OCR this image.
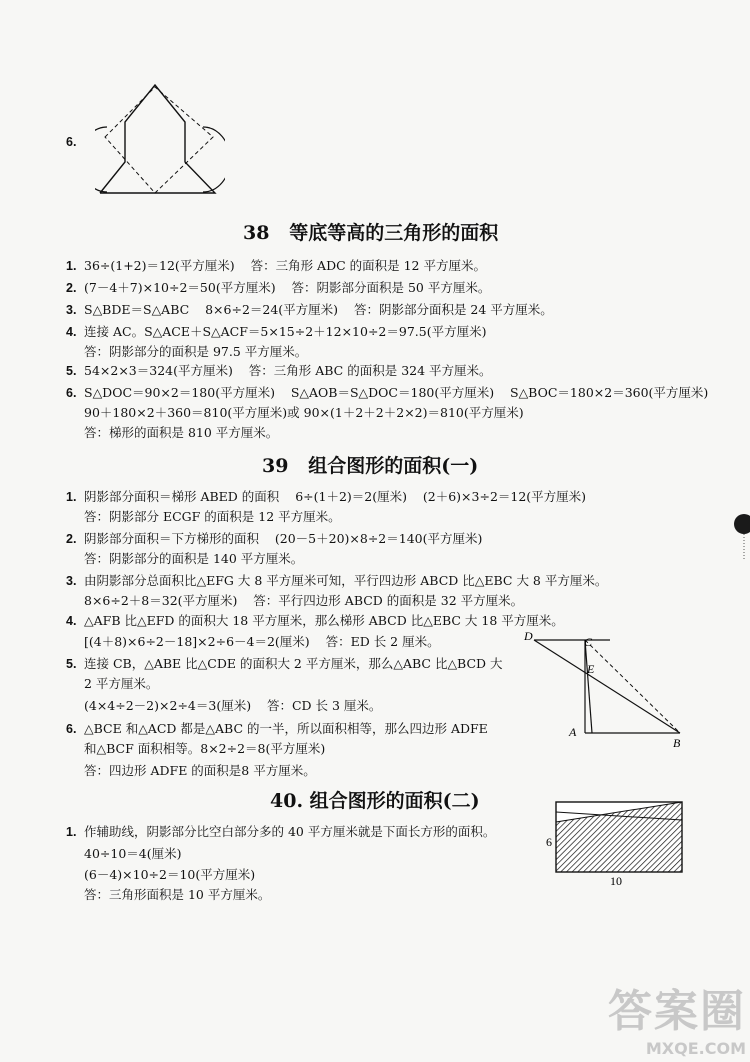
6.
38   等底等高的三角形的面积
1. 36÷(1+2)＝12(平方厘米)    答：三角形 ADC 的面积是 12 平方厘米。
2. (7－4＋7)×10÷2＝50(平方厘米)    答：阴影部分面积是 50 平方厘米。
3. S△BDE＝S△ABC    8×6÷2＝24(平方厘米)    答：阴影部分面积是 24 平方厘米。
4. 连接 AC。S△ACE＋S△ACF＝5×15÷2＋12×10÷2＝97.5(平方厘米)
答：阴影部分的面积是 97.5 平方厘米。
5. 54×2×3＝324(平方厘米)    答：三角形 ABC 的面积是 324 平方厘米。
6. S△DOC＝90×2＝180(平方厘米)    S△AOB＝S△DOC＝180(平方厘米)    S△BOC＝180×2＝360(平方厘米)
90＋180×2＋360＝810(平方厘米)或 90×(1＋2＋2＋2×2)＝810(平方厘米)
答：梯形的面积是 810 平方厘米。
39   组合图形的面积(一)
1. 阴影部分面积＝梯形 ABED 的面积    6÷(1＋2)＝2(厘米)    (2＋6)×3÷2＝12(平方厘米)
答：阴影部分 ECGF 的面积是 12 平方厘米。
2. 阴影部分面积＝下方梯形的面积    (20－5＋20)×8÷2＝140(平方厘米)
答：阴影部分的面积是 140 平方厘米。
3. 由阴影部分总面积比△EFG 大 8 平方厘米可知，平行四边形 ABCD 比△EBC 大 8 平方厘米。
8×6÷2＋8＝32(平方厘米)    答：平行四边形 ABCD 的面积是 32 平方厘米。
4. △AFB 比△EFD 的面积大 18 平方厘米，那么梯形 ABCD 比△EBC 大 18 平方厘米。
[(4＋8)×6÷2－18]×2÷6－4＝2(厘米)    答：ED 长 2 厘米。
5. 连接 CB，△ABE 比△CDE 的面积大 2 平方厘米，那么△ABC 比△BCD 大
2 平方厘米。
(4×4÷2－2)×2÷4＝3(厘米)    答：CD 长 3 厘米。
6. △BCE 和△ACD 都是△ABC 的一半，所以面积相等，那么四边形 ADFE
和△BCF 面积相等。8×2÷2＝8(平方厘米)
答：四边形 ADFE 的面积是8 平方厘米。
D	C
E
A
B
40. 组合图形的面积(二)
1. 作辅助线，阴影部分比空白部分多的 40 平方厘米就是下面长方形的面积。
40÷10＝4(厘米)
(6－4)×10÷2＝10(平方厘米)
答：三角形面积是 10 平方厘米。
6
10
答案圈
MXQE.COM
